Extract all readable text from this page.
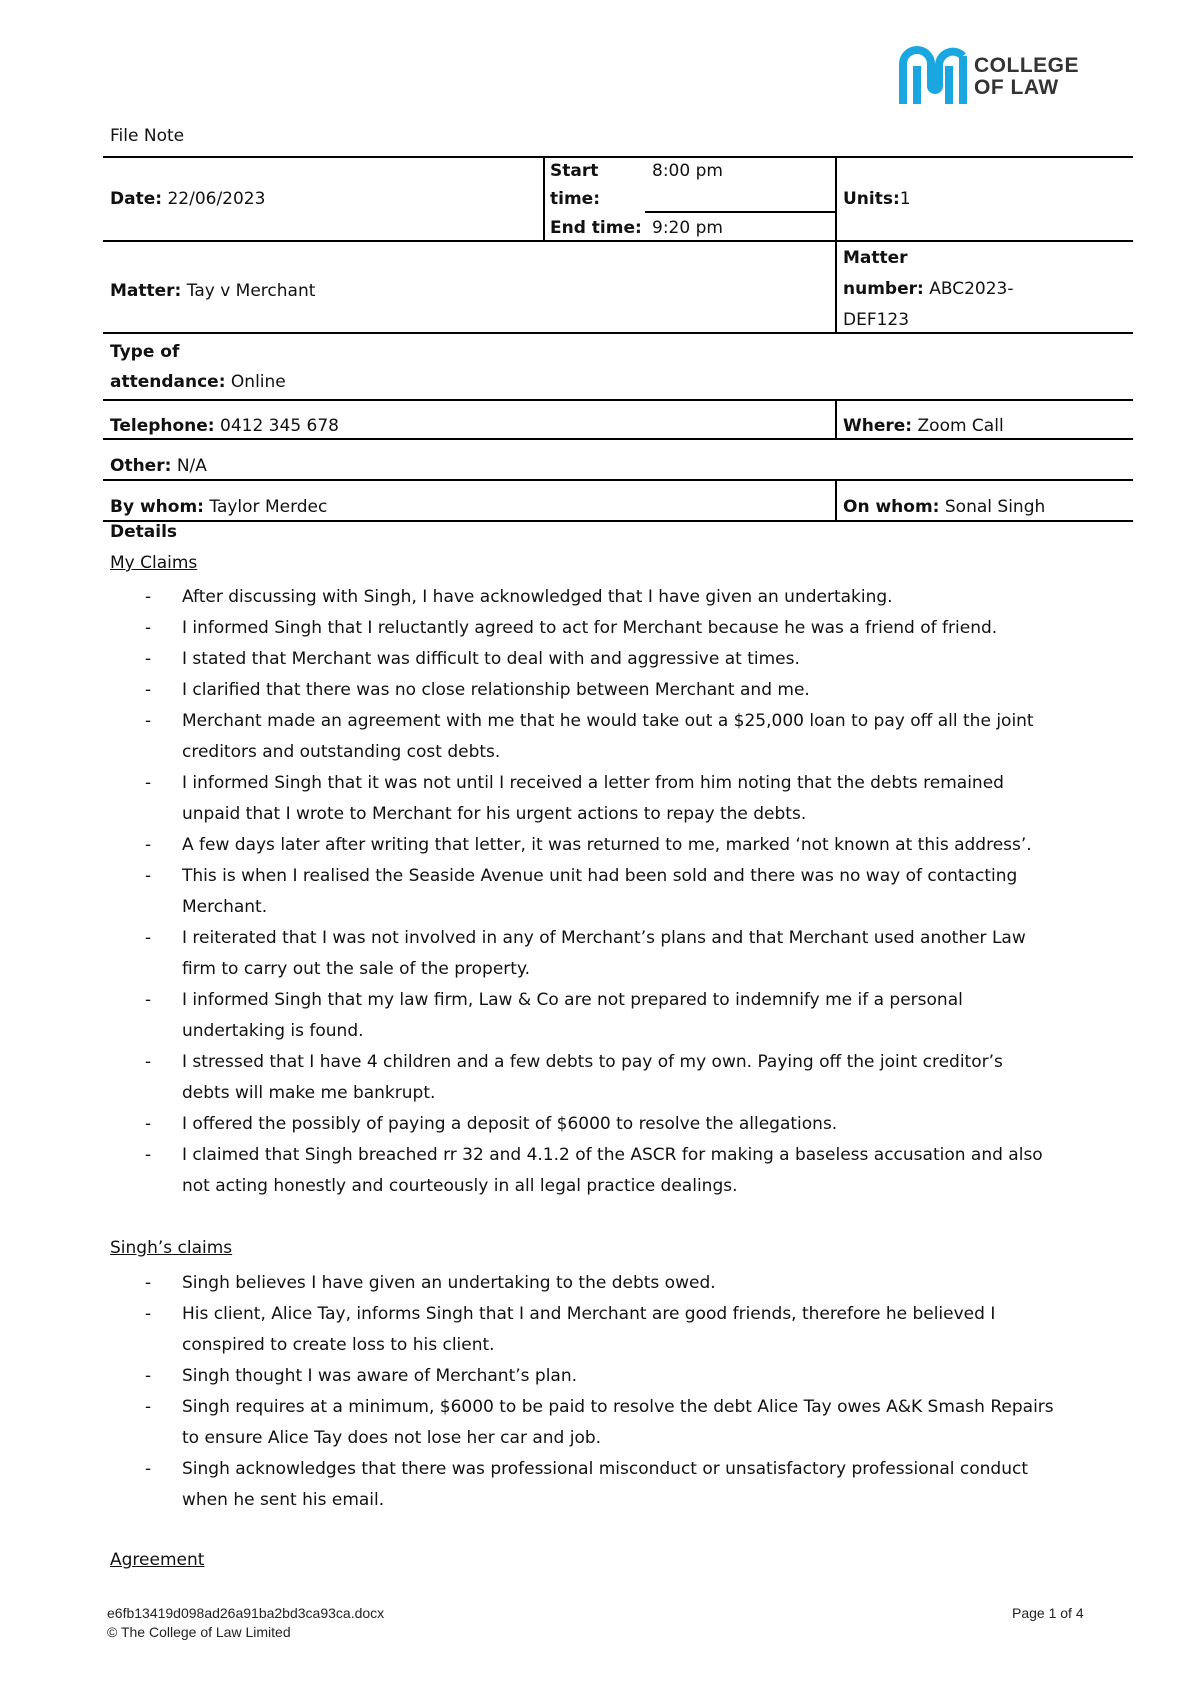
COLLEGE
OF LAW
File Note
Date: 22/06/2023
Start
time:
8:00 pm
End time: 9:20 pm
Units:1
Matter: Tay v Merchant
Matter
number: ABC2023-
DEF123
Type of
attendance: Online
Telephone: 0412 345 678	Where: Zoom Call
Other: N/A
By whom: Taylor Merdec	On whom: Sonal Singh
Details
My Claims
- After discussing with Singh, I have acknowledged that I have given an undertaking.
- I informed Singh that I reluctantly agreed to act for Merchant because he was a friend of friend.
- I stated that Merchant was difficult to deal with and aggressive at times.
- I clarified that there was no close relationship between Merchant and me.
- Merchant made an agreement with me that he would take out a $25,000 loan to pay off all the joint
creditors and outstanding cost debts.
- I informed Singh that it was not until I received a letter from him noting that the debts remained
unpaid that I wrote to Merchant for his urgent actions to repay the debts.
- A few days later after writing that letter, it was returned to me, marked ‘not known at this address’.
- This is when I realised the Seaside Avenue unit had been sold and there was no way of contacting
Merchant.
- I reiterated that I was not involved in any of Merchant’s plans and that Merchant used another Law
firm to carry out the sale of the property.
- I informed Singh that my law firm, Law & Co are not prepared to indemnify me if a personal
undertaking is found.
- I stressed that I have 4 children and a few debts to pay of my own. Paying off the joint creditor’s
debts will make me bankrupt.
- I offered the possibly of paying a deposit of $6000 to resolve the allegations.
- I claimed that Singh breached rr 32 and 4.1.2 of the ASCR for making a baseless accusation and also
not acting honestly and courteously in all legal practice dealings.
Singh’s claims
- Singh believes I have given an undertaking to the debts owed.
- His client, Alice Tay, informs Singh that I and Merchant are good friends, therefore he believed I
conspired to create loss to his client.
- Singh thought I was aware of Merchant’s plan.
- Singh requires at a minimum, $6000 to be paid to resolve the debt Alice Tay owes A&K Smash Repairs
to ensure Alice Tay does not lose her car and job.
- Singh acknowledges that there was professional misconduct or unsatisfactory professional conduct
when he sent his email.
Agreement
e6fb13419d098ad26a91ba2bd3ca93ca.docx
© The College of Law Limited
Page 1 of 4
